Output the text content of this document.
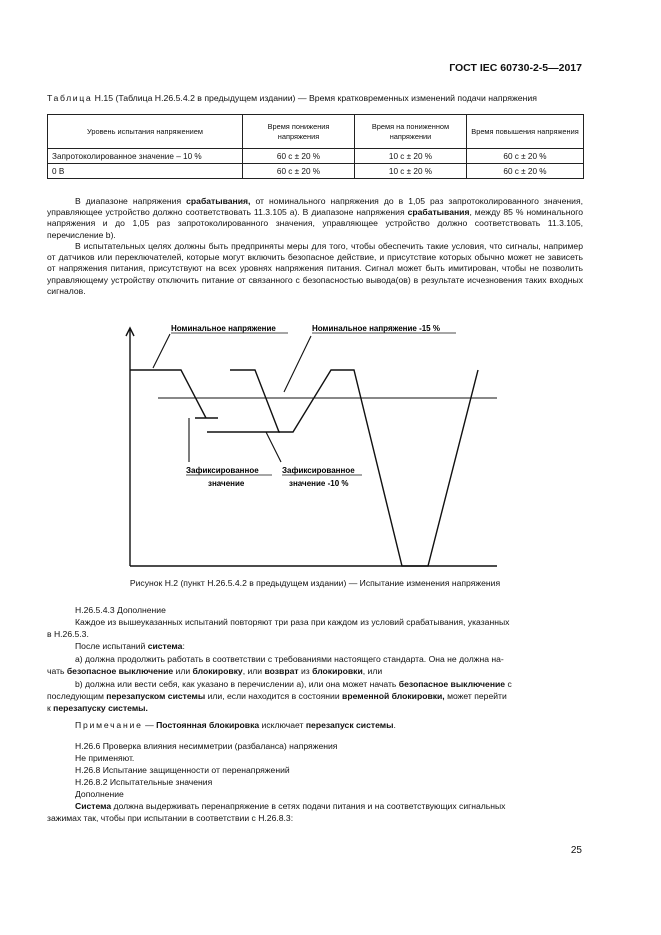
ГОСТ IEC 60730-2-5—2017
Таблица H.15 (Таблица H.26.5.4.2 в предыдущем издании) — Время кратковременных изменений подачи напряжения
Уровень испытания напряжением	Время понижения напряжения	Время на пониженном напряжении	Время повышения напряжения
Запротоколированное значение – 10 %	60 с ± 20 %	10 с ± 20 %	60 с ± 20 %
0 В	60 с ± 20 %	10 с ± 20 %	60 с ± 20 %

В диапазоне напряжения срабатывания, от номинального напряжения до в 1,05 раз запротоколированного значения, управляющее устройство должно соответствовать 11.3.105 а). В диапазоне напряжения срабатывания, между 85 % номинального напряжения и до 1,05 раз запротоколированного значения, управляющее устройство должно соответствовать 11.3.105, перечисление b).

В испытательных целях должны быть предприняты меры для того, чтобы обеспечить такие условия, что сигналы, например от датчиков или переключателей, которые могут включить безопасное действие, и присутствие которых обычно может не зависеть от напряжения питания, присутствуют на всех уровнях напряжения питания. Сигнал может быть имитирован, чтобы не позволить управляющему устройству отключить питание от связанного с безопасностью вывода(ов) в результате исчезновения таких входных сигналов.

Номинальное напряжение	Номинальное напряжение -15 %
Зафиксированное
значение
Зафиксированное
значение -10 %
Рисунок H.2 (пункт H.26.5.4.2 в предыдущем издании) — Испытание изменения напряжения
H.26.5.4.3 Дополнение
Каждое из вышеуказанных испытаний повторяют три раза при каждом из условий срабатывания, указанных
в H.26.5.3.
После испытаний система:
а) должна продолжить работать в соответствии с требованиями настоящего стандарта. Она не должна на-
чать безопасное выключение или блокировку, или возврат из блокировки, или
b) должна или вести себя, как указано в перечислении а), или она может начать безопасное выключение с
последующим перезапуском системы или, если находится в состоянии временной блокировки, может перейти
к перезапуску системы.
Примечание — Постоянная блокировка исключает перезапуск системы.
H.26.6 Проверка влияния несимметрии (разбаланса) напряжения
Не применяют.
H.26.8 Испытание защищенности от перенапряжений
H.26.8.2 Испытательные значения
Дополнение
Система должна выдерживать перенапряжение в сетях подачи питания и на соответствующих сигнальных
зажимах так, чтобы при испытании в соответствии с H.26.8.3:
25
